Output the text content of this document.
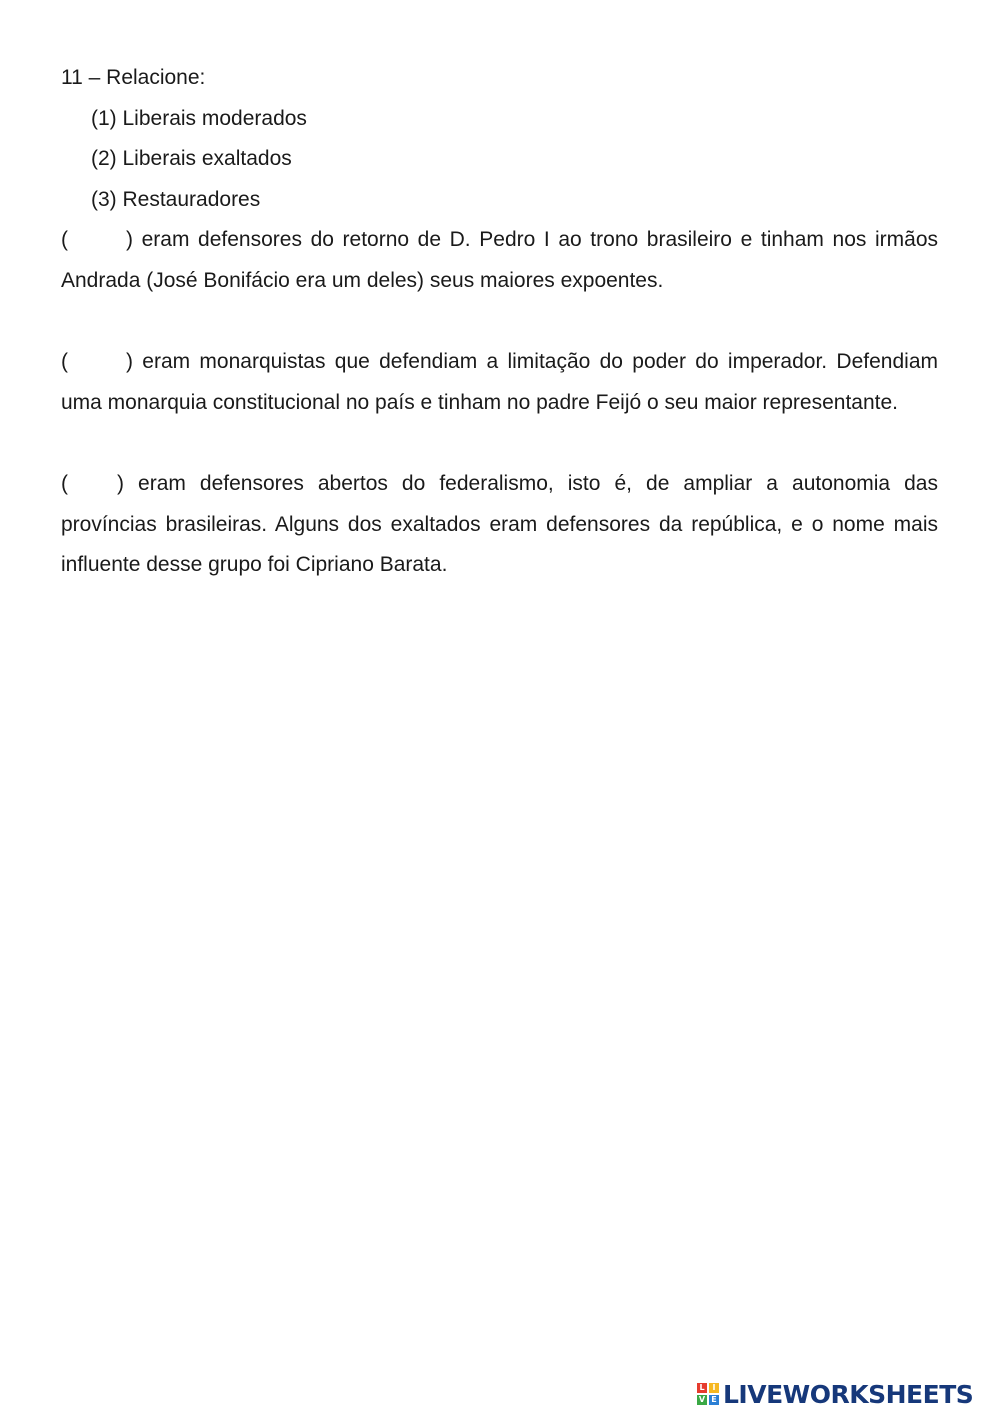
11 – Relacione:
(1) Liberais moderados
(2) Liberais exaltados
(3) Restauradores

(	) eram defensores do retorno de D. Pedro I ao trono brasileiro e tinham nos irmãos Andrada (José Bonifácio era um deles) seus maiores expoentes.

(	) eram monarquistas que defendiam a limitação do poder do imperador. Defendiam uma monarquia constitucional no país e tinham no padre Feijó o seu maior representante.

( ) eram defensores abertos do federalismo, isto é, de ampliar a autonomia das províncias brasileiras. Alguns dos exaltados eram defensores da república, e o nome mais influente desse grupo foi Cipriano Barata.

L I
V E LIVEWORKSHEETS
